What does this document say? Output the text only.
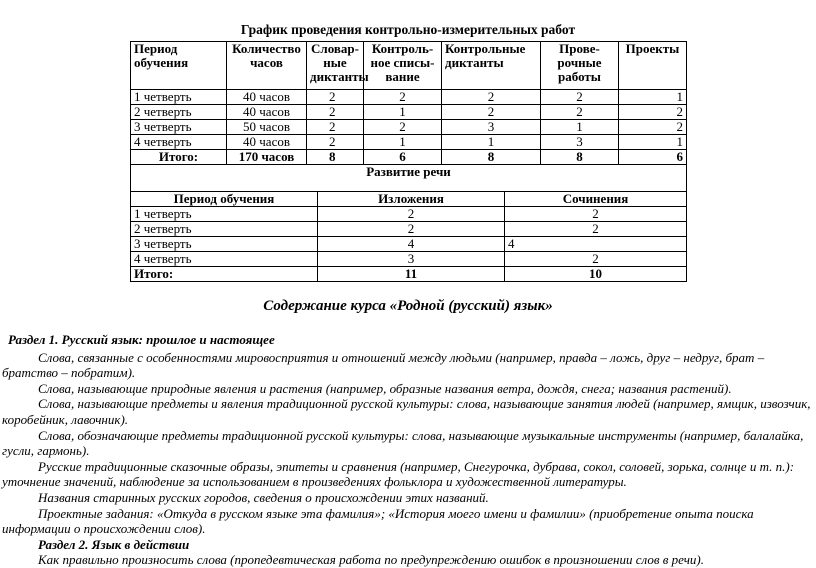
График проведения контрольно-измерительных работ
Период обучения	Количество часов	Словар-ные диктанты	Контроль-ное списы-вание	Контрольные диктанты	Прове-рочные работы	Проекты
1 четверть	40 часов	2	2	2	2	1
2 четверть	40 часов	2	1	2	2	2
3 четверть	50 часов	2	2	3	1	2
4 четверть	40 часов	2	1	1	3	1
Итого:	170 часов	8	6	8	8	6
Развитие речи		
Период обучения	Изложения	Сочинения
1 четверть	2	2
2 четверть	2	2
3 четверть	4	4
4 четверть	3	2
Итого:	11	10
Содержание курса «Родной (русский) язык»

Раздел 1. Русский язык: прошлое и настоящее

Слова, связанные с особенностями мировосприятия и отношений между людьми (например, правда – ложь, друг – недруг, брат – братство – побратим).

Слова, называющие природные явления и растения (например, образные названия ветра, дождя, снега; названия растений).

Слова, называющие предметы и явления традиционной русской культуры: слова, называющие занятия людей (например, ямщик, извозчик, коробейник, лавочник).

Слова, обозначающие предметы традиционной русской культуры: слова, называющие музыкальные инструменты (например, балалайка, гусли, гармонь).

Русские традиционные сказочные образы, эпитеты и сравнения (например, Снегурочка, дубрава, сокол, соловей, зорька, солнце и т. п.): уточнение значений, наблюдение за использованием в произведениях фольклора и художественной литературы.

Названия старинных русских городов, сведения о происхождении этих названий.

Проектные задания: «Откуда в русском языке эта фамилия»; «История моего имени и фамилии» (приобретение опыта поиска информации о происхождении слов).

Раздел 2. Язык в действии

Как правильно произносить слова (пропедевтическая работа по предупреждению ошибок в произношении слов в речи).
